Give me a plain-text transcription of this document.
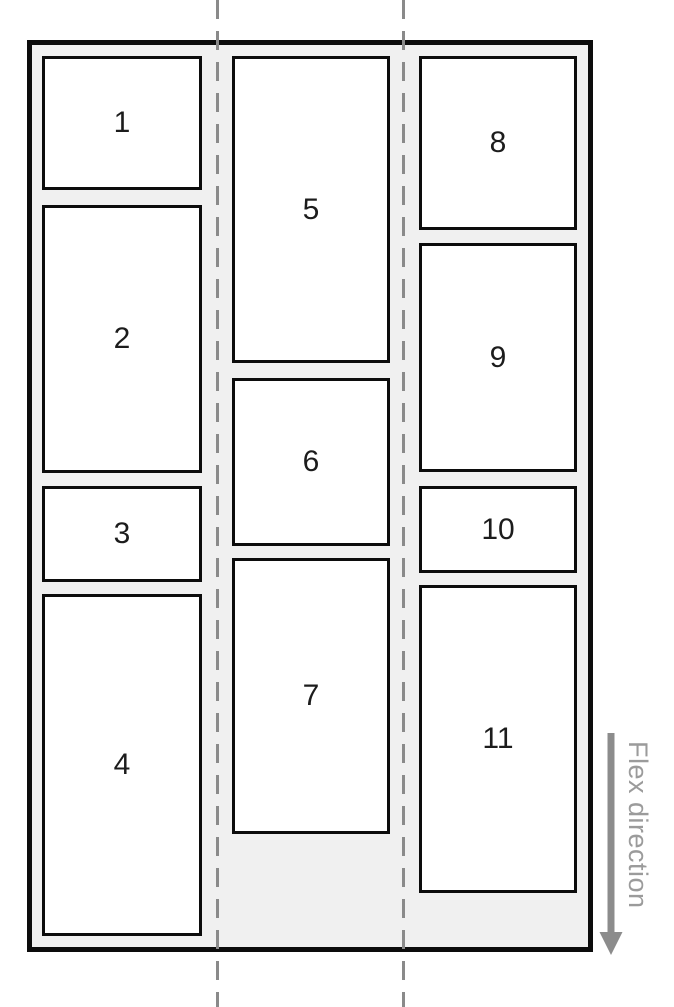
1
2
3
4
5
6
7
8
9
10
11
Flex direction
